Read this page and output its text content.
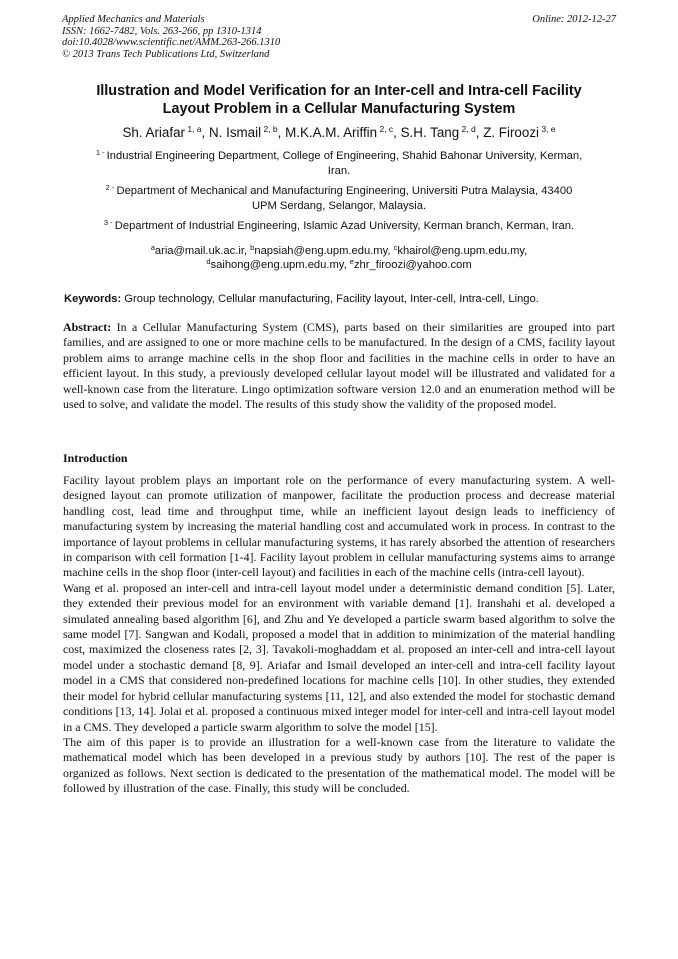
Applied Mechanics and Materials
ISSN: 1662-7482, Vols. 263-266, pp 1310-1314
doi:10.4028/www.scientific.net/AMM.263-266.1310
© 2013 Trans Tech Publications Ltd, Switzerland
Online: 2012-12-27
Illustration and Model Verification for an Inter-cell and Intra-cell Facility
Layout Problem in a Cellular Manufacturing System
Sh. Ariafar $^{1, a}$, N. Ismail $^{2, b}$, M.K.A.M. Ariffin $^{2, c}$, S.H. Tang $^{2, d}$, Z. Firoozi $^{3, e}$
$^{1 -}$ Industrial Engineering Department, College of Engineering, Shahid Bahonar University, Kerman,
Iran.
$^{2 -}$ Department of Mechanical and Manufacturing Engineering, Universiti Putra Malaysia, 43400
UPM Serdang, Selangor, Malaysia.
$^{3 -}$ Department of Industrial Engineering, Islamic Azad University, Kerman branch, Kerman, Iran.
$^a$aria@mail.uk.ac.ir, $^b$napsiah@eng.upm.edu.my, $^c$khairol@eng.upm.edu.my,
$^d$saihong@eng.upm.edu.my, $^e$zhr_firoozi@yahoo.com
Keywords: Group technology, Cellular manufacturing, Facility layout, Inter-cell, Intra-cell, Lingo.
Abstract: In a Cellular Manufacturing System (CMS), parts based on their similarities are grouped into part families, and are assigned to one or more machine cells to be manufactured. In the design of a CMS, facility layout problem aims to arrange machine cells in the shop floor and facilities in the machine cells in order to have an efficient layout. In this study, a previously developed cellular layout model will be illustrated and validated for a well-known case from the literature. Lingo optimization software version 12.0 and an enumeration method will be used to solve, and validate the model. The results of this study show the validity of the proposed model.
Introduction

Facility layout problem plays an important role on the performance of every manufacturing system. A well-designed layout can promote utilization of manpower, facilitate the production process and decrease material handling cost, lead time and throughput time, while an inefficient layout design leads to inefficiency of manufacturing system by increasing the material handling cost and accumulated work in process. In contrast to the importance of layout problems in cellular manufacturing systems, it has rarely absorbed the attention of researchers in comparison with cell formation [1-4]. Facility layout problem in cellular manufacturing systems aims to arrange machine cells in the shop floor (inter-cell layout) and facilities in each of the machine cells (intra-cell layout).

Wang et al. proposed an inter-cell and intra-cell layout model under a deterministic demand condition [5]. Later, they extended their previous model for an environment with variable demand [1]. Iranshahi et al. developed a simulated annealing based algorithm [6], and Zhu and Ye developed a particle swarm based algorithm to solve the same model [7]. Sangwan and Kodali, proposed a model that in addition to minimization of the material handling cost, maximized the closeness rates [2, 3]. Tavakoli-moghaddam et al. proposed an inter-cell and intra-cell layout model under a stochastic demand [8, 9]. Ariafar and Ismail developed an inter-cell and intra-cell facility layout model in a CMS that considered non-predefined locations for machine cells [10]. In other studies, they extended their model for hybrid cellular manufacturing systems [11, 12], and also extended the model for stochastic demand conditions [13, 14]. Jolai et al. proposed a continuous mixed integer model for inter-cell and intra-cell layout model in a CMS. They developed a particle swarm algorithm to solve the model [15].

The aim of this paper is to provide an illustration for a well-known case from the literature to validate the mathematical model which has been developed in a previous study by authors [10]. The rest of the paper is organized as follows. Next section is dedicated to the presentation of the mathematical model. The model will be followed by illustration of the case. Finally, this study will be concluded.
